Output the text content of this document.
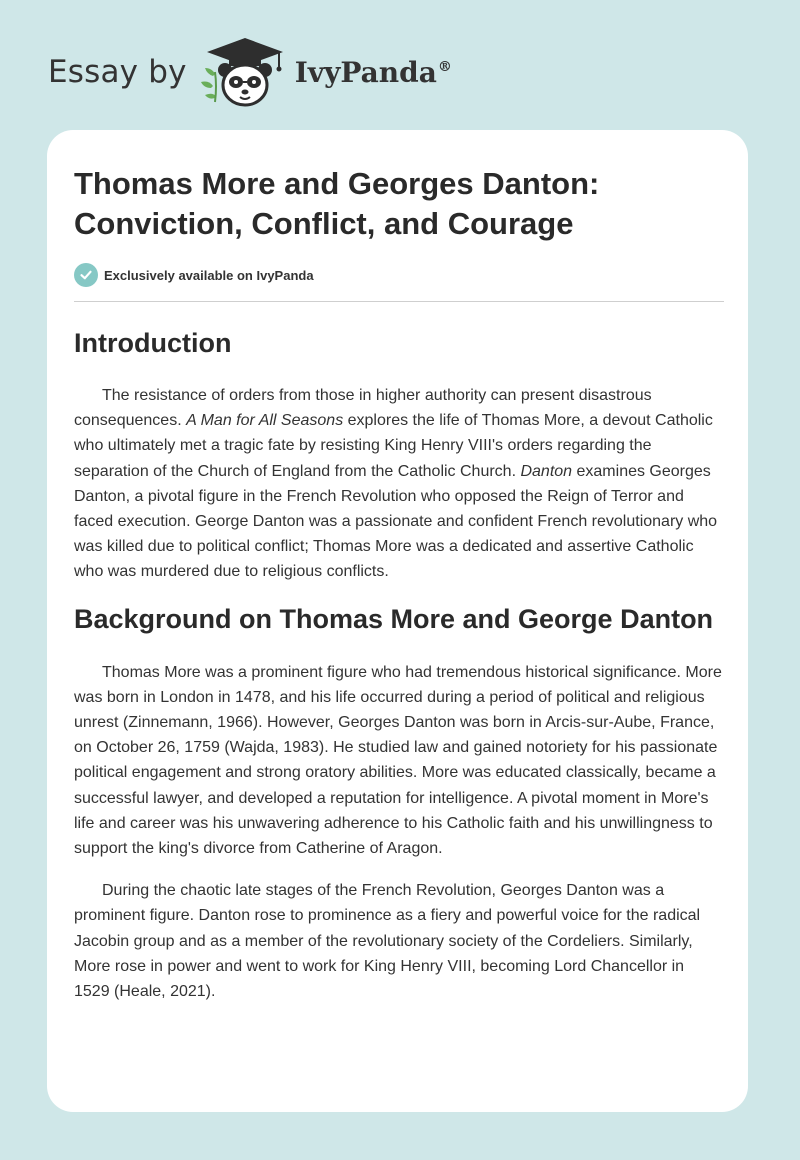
Essay by	IvyPanda®
Thomas More and Georges Danton: Conviction, Conflict, and Courage
Exclusively available on IvyPanda
Introduction

The resistance of orders from those in higher authority can present disastrous consequences. A Man for All Seasons explores the life of Thomas More, a devout Catholic who ultimately met a tragic fate by resisting King Henry VIII's orders regarding the separation of the Church of England from the Catholic Church. Danton examines Georges Danton, a pivotal figure in the French Revolution who opposed the Reign of Terror and faced execution. George Danton was a passionate and confident French revolutionary who was killed due to political conflict; Thomas More was a dedicated and assertive Catholic who was murdered due to religious conflicts.

Background on Thomas More and George Danton

Thomas More was a prominent figure who had tremendous historical significance. More was born in London in 1478, and his life occurred during a period of political and religious unrest (Zinnemann, 1966). However, Georges Danton was born in Arcis-sur-Aube, France, on October 26, 1759 (Wajda, 1983). He studied law and gained notoriety for his passionate political engagement and strong oratory abilities. More was educated classically, became a successful lawyer, and developed a reputation for intelligence. A pivotal moment in More's life and career was his unwavering adherence to his Catholic faith and his unwillingness to support the king's divorce from Catherine of Aragon.

During the chaotic late stages of the French Revolution, Georges Danton was a prominent figure. Danton rose to prominence as a fiery and powerful voice for the radical Jacobin group and as a member of the revolutionary society of the Cordeliers. Similarly, More rose in power and went to work for King Henry VIII, becoming Lord Chancellor in 1529 (Heale, 2021).
